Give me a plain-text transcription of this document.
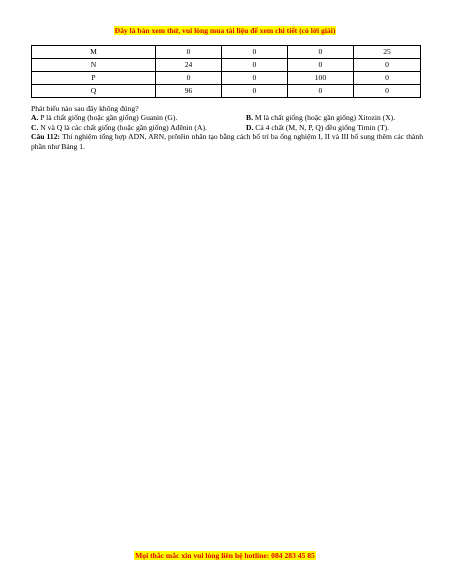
Đây là bản xem thử, vui lòng mua tài liệu để xem chi tiết (có lời giải)
M	0	0	0	25
N	24	0	0	0
P	0	0	100	0
Q	96	0	0	0
Phát biểu nào sau đây không đúng?
A. P là chất giống (hoặc gần giống) Guanin (G).	B. M là chất giống (hoặc gần giống) Xitozin (X).
C. N và Q là các chất giống (hoặc gần giống) Ađênin (A).	D. Cả 4 chất (M, N, P, Q) đều giống Timin (T).
Câu 112: Thí nghiệm tổng hợp ADN, ARN, prôtêin nhân tạo bằng cách bố trí ba ống nghiệm I, II và III bổ sung thêm các thành phần như Bảng 1.
Mọi thắc mắc xin vui lòng liên hệ hotline: 084 283 45 85
